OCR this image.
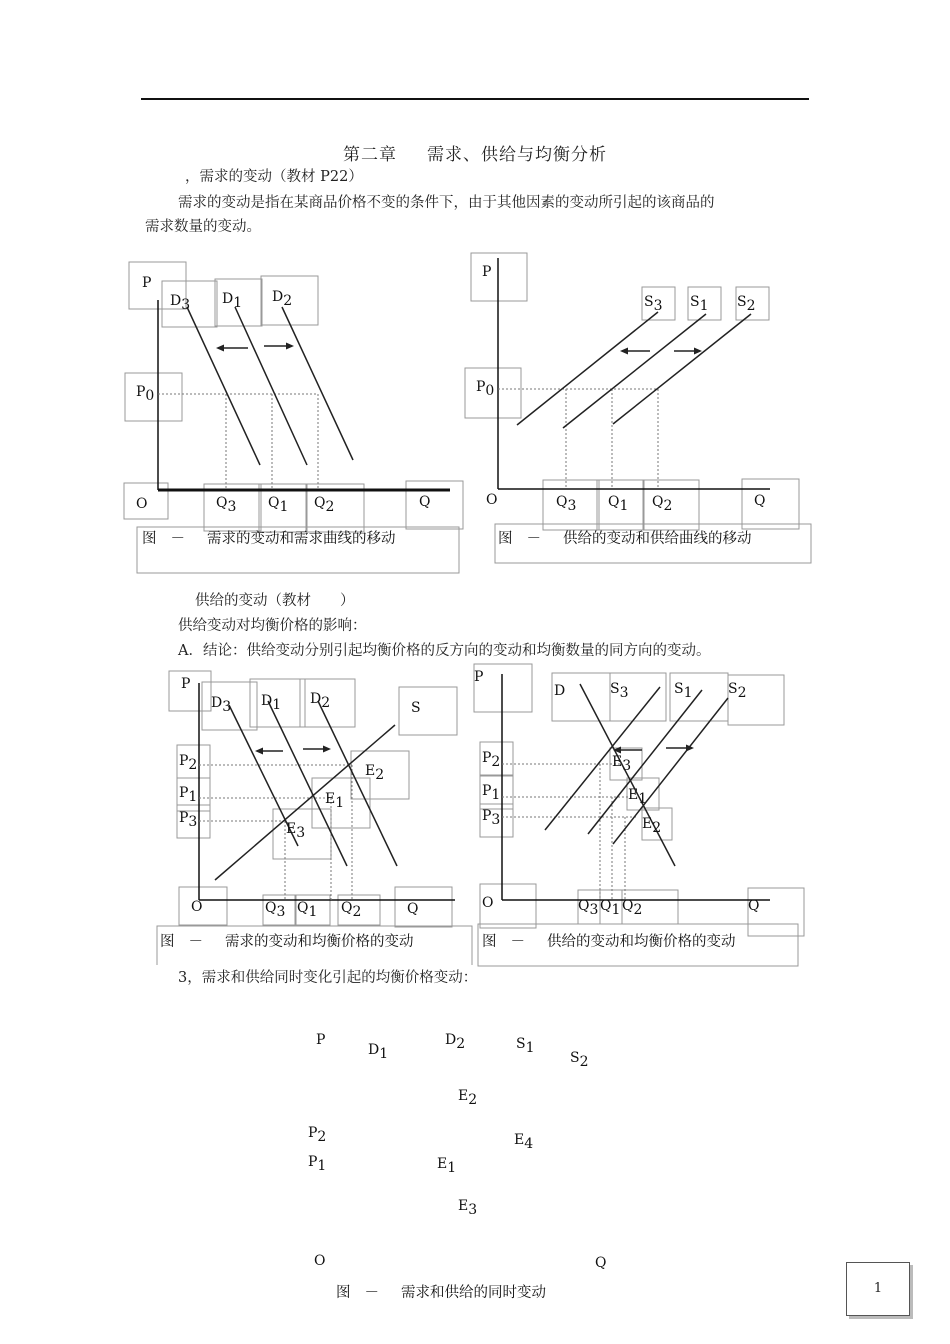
第二章 需求、供给与均衡分析
，需求的变动（教材 P22）
需求的变动是指在某商品价格不变的条件下，由于其他因素的变动所引起的该商品的
需求数量的变动。
P
D3 D1 D2
P0
O	Q3 Q1 Q2	Q
图 － 需求的变动和需求曲线的移动
P
S3 S1 S2
P0
O	Q3 Q1 Q2	Q
图 － 供给的变动和供给曲线的移动
供给的变动（教材　　）
供给变动对均衡价格的影响：
A．结论：供给变动分别引起均衡价格的反方向的变动和均衡数量的同方向的变动。
P
D3 D1 D2	S
P2
P1
P3
E2
E1
E3
O	Q3 Q1 Q2	Q
图 － 需求的变动和均衡价格的变动
P
D	S3	S1	S2
P2
P1
P3
E3
E1
E2
O	Q3 Q1 Q2	Q
图 － 供给的变动和均衡价格的变动
3，需求和供给同时变化引起的均衡价格变动：
P
D1
D2	S1
S2
E2
P2	E4
P1	E1
E3
O	Q
图 － 需求和供给的同时变动	1
